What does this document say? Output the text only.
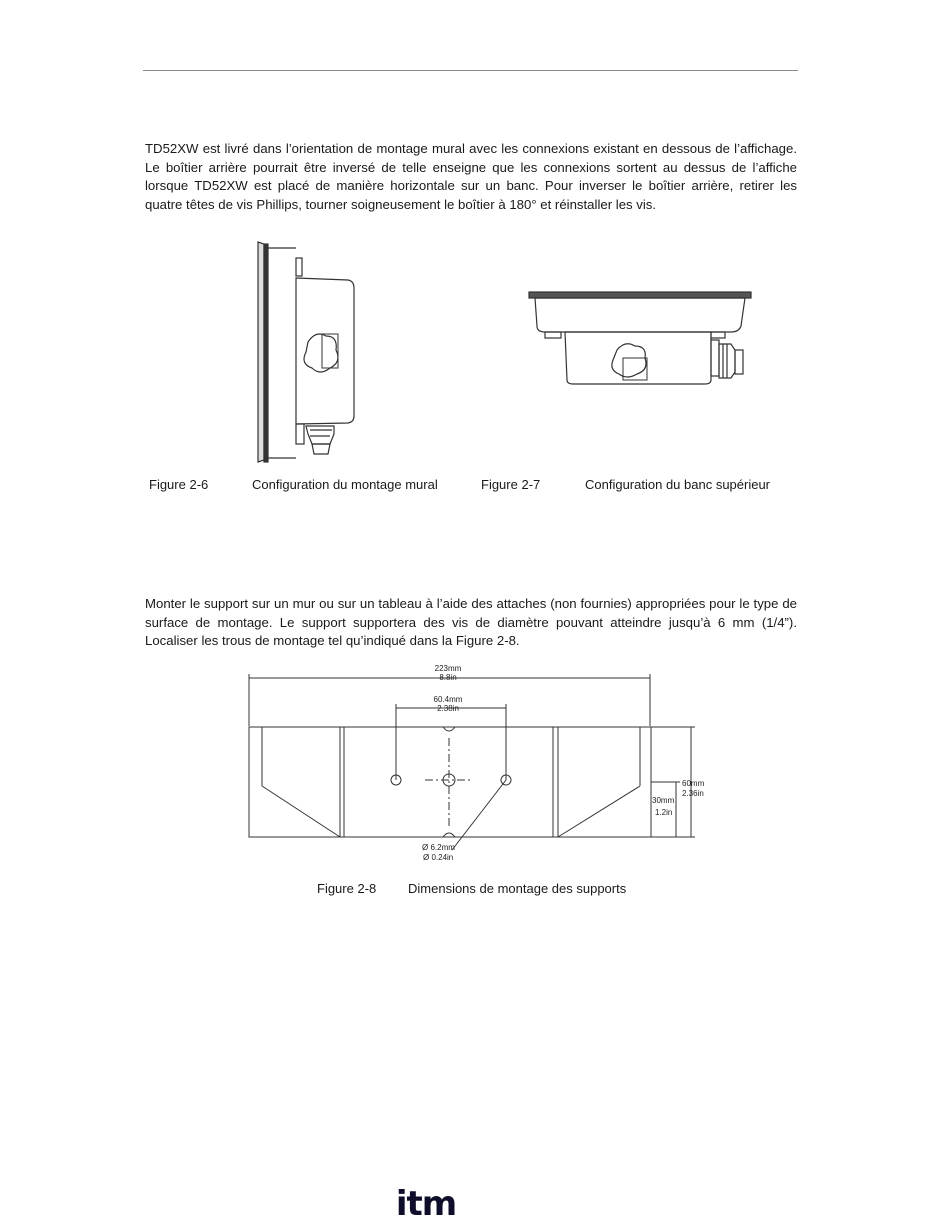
TD52XW est livré dans l’orientation de montage mural avec les connexions existant en dessous de l’affichage. Le boîtier arrière pourrait être inversé de telle enseigne que les connexions sortent au dessus de l’affiche lorsque TD52XW est placé de manière horizontale sur un banc. Pour inverser le boîtier arrière, retirer les quatre têtes de vis Phillips, tourner soigneusement le boîtier à 180° et réinstaller les vis.

Figure 2-6	Configuration du montage mural	Figure 2-7	Configuration du banc supérieur

Monter le support sur un mur ou sur un tableau à l’aide des attaches (non fournies) appropriées pour le type de surface de montage. Le support supportera des vis de diamètre pouvant atteindre jusqu’à 6 mm (1/4”). Localiser les trous de montage tel qu’indiqué dans la Figure 2-8.

223mm
8.8in
60.4mm
2.38in
60mm
2.36in
30mm
1.2in
Ø 6.2mm
Ø 0.24in
Figure 2-8 Dimensions de montage des supports
itm
